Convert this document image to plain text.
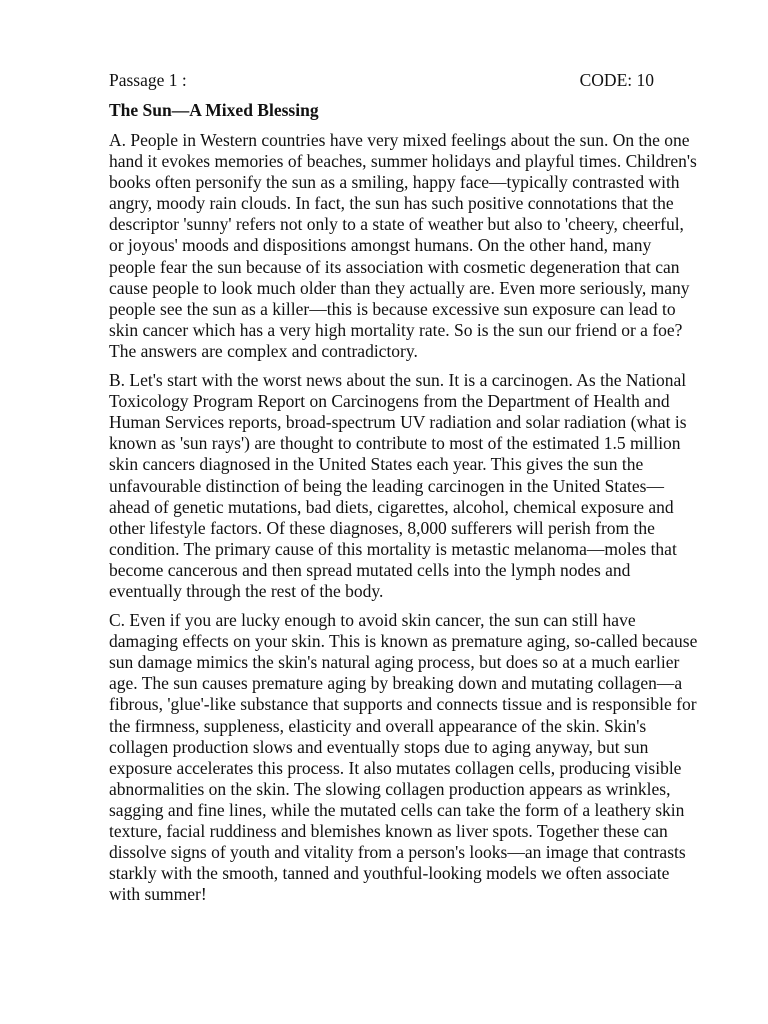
Passage 1 :	CODE: 10
The Sun—A Mixed Blessing

A. People in Western countries have very mixed feelings about the sun. On the one hand it evokes memories of beaches, summer holidays and playful times. Children's books often personify the sun as a smiling, happy face—typically contrasted with angry, moody rain clouds. In fact, the sun has such positive connotations that the descriptor 'sunny' refers not only to a state of weather but also to 'cheery, cheerful, or joyous' moods and dispositions amongst humans. On the other hand, many people fear the sun because of its association with cosmetic degeneration that can cause people to look much older than they actually are. Even more seriously, many people see the sun as a killer—this is because excessive sun exposure can lead to skin cancer which has a very high mortality rate. So is the sun our friend or a foe? The answers are complex and contradictory.

B. Let's start with the worst news about the sun. It is a carcinogen. As the National Toxicology Program Report on Carcinogens from the Department of Health and Human Services reports, broad-spectrum UV radiation and solar radiation (what is known as 'sun rays') are thought to contribute to most of the estimated 1.5 million skin cancers diagnosed in the United States each year. This gives the sun the unfavourable distinction of being the leading carcinogen in the United States—ahead of genetic mutations, bad diets, cigarettes, alcohol, chemical exposure and other lifestyle factors. Of these diagnoses, 8,000 sufferers will perish from the condition. The primary cause of this mortality is metastic melanoma—moles that become cancerous and then spread mutated cells into the lymph nodes and eventually through the rest of the body.

C. Even if you are lucky enough to avoid skin cancer, the sun can still have damaging effects on your skin. This is known as premature aging, so-called because sun damage mimics the skin's natural aging process, but does so at a much earlier age. The sun causes premature aging by breaking down and mutating collagen—a fibrous, 'glue'-like substance that supports and connects tissue and is responsible for the firmness, suppleness, elasticity and overall appearance of the skin. Skin's collagen production slows and eventually stops due to aging anyway, but sun exposure accelerates this process. It also mutates collagen cells, producing visible abnormalities on the skin. The slowing collagen production appears as wrinkles, sagging and fine lines, while the mutated cells can take the form of a leathery skin texture, facial ruddiness and blemishes known as liver spots. Together these can dissolve signs of youth and vitality from a person's looks—an image that contrasts starkly with the smooth, tanned and youthful-looking models we often associate with summer!
